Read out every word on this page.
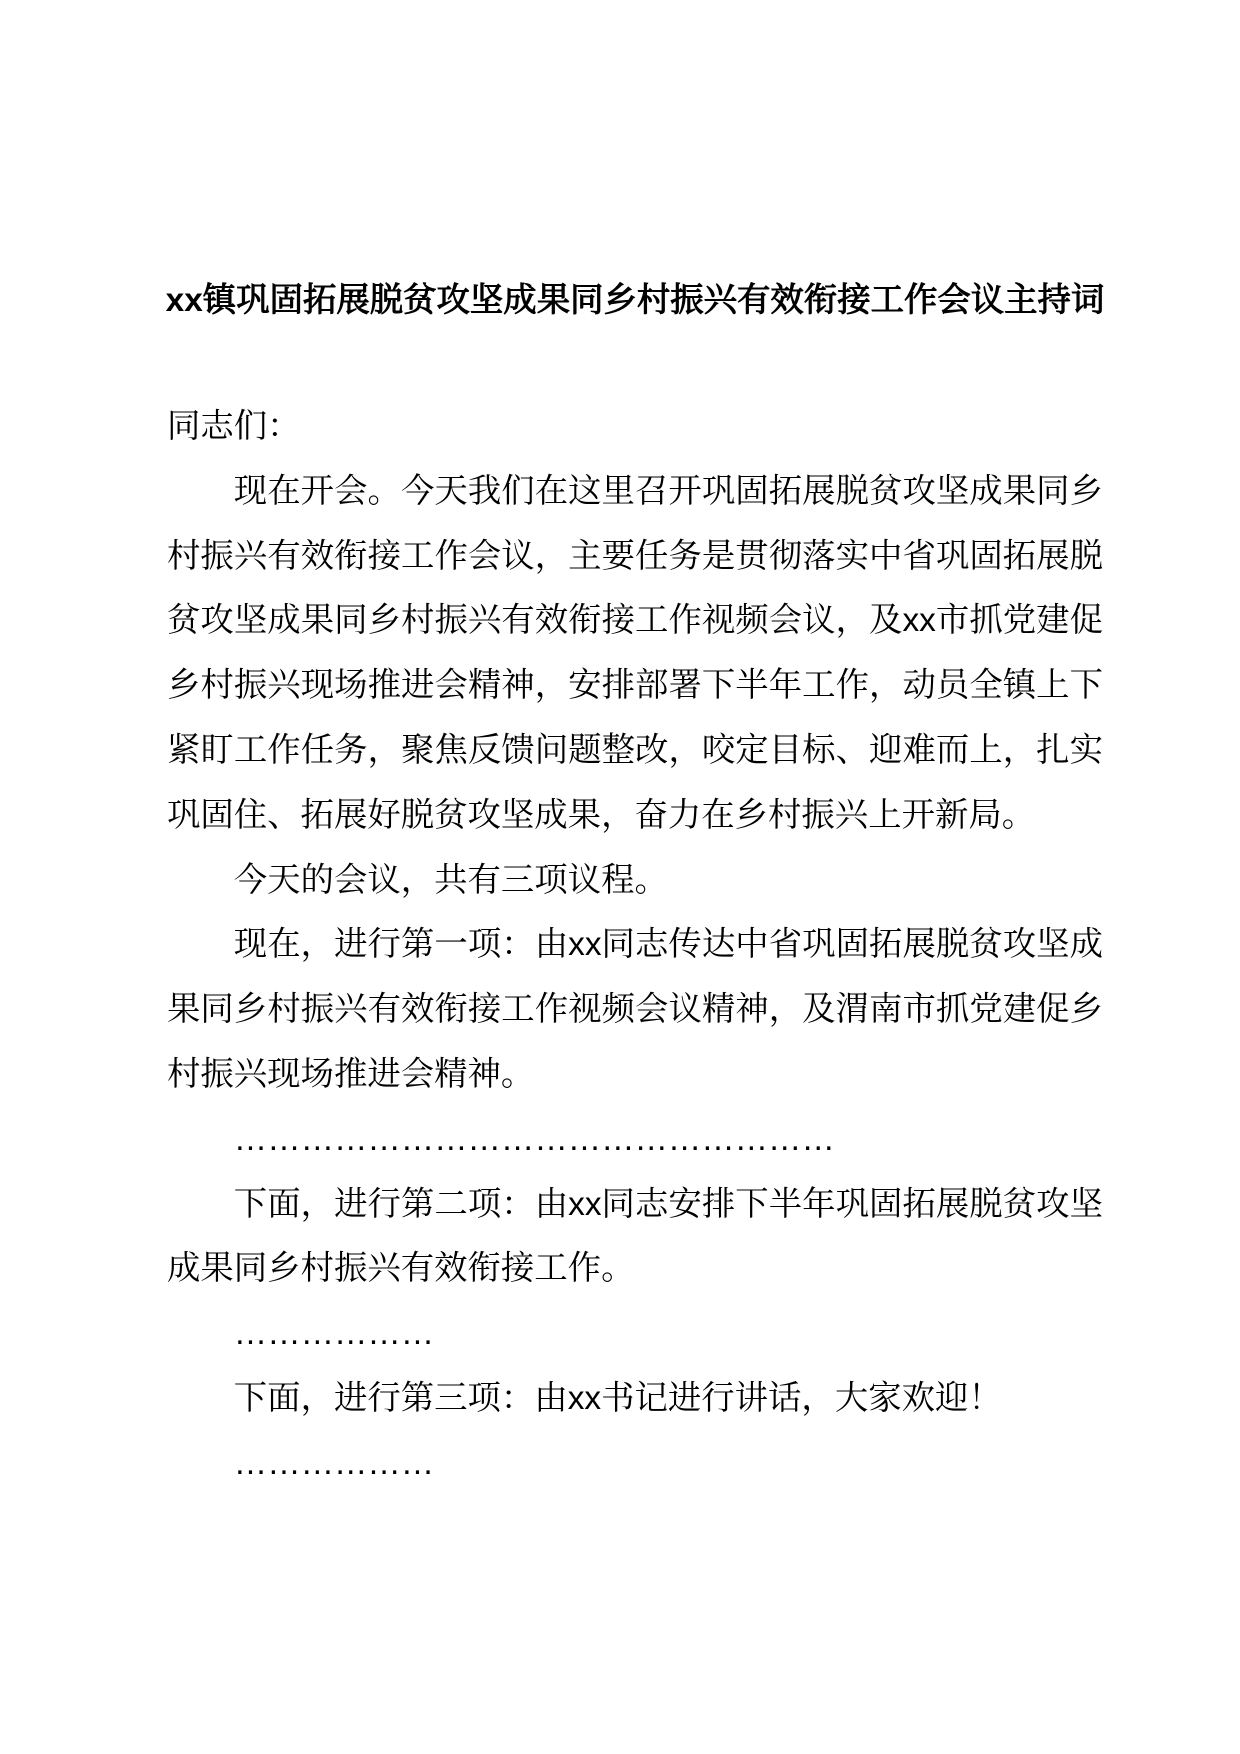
xx镇巩固拓展脱贫攻坚成果同乡村振兴有效衔接工作会议主持词

同志们：

现在开会。今天我们在这里召开巩固拓展脱贫攻坚成果同乡
村振兴有效衔接工作会议，主要任务是贯彻落实中省巩固拓展脱
贫攻坚成果同乡村振兴有效衔接工作视频会议，及xx市抓党建促
乡村振兴现场推进会精神，安排部署下半年工作，动员全镇上下
紧盯工作任务，聚焦反馈问题整改，咬定目标、迎难而上，扎实
巩固住、拓展好脱贫攻坚成果，奋力在乡村振兴上开新局。

今天的会议，共有三项议程。

现在，进行第一项：由xx同志传达中省巩固拓展脱贫攻坚成
果同乡村振兴有效衔接工作视频会议精神，及渭南市抓党建促乡
村振兴现场推进会精神。

………………………………………………

下面，进行第二项：由xx同志安排下半年巩固拓展脱贫攻坚
成果同乡村振兴有效衔接工作。

………………

下面，进行第三项：由xx书记进行讲话，大家欢迎！

………………
